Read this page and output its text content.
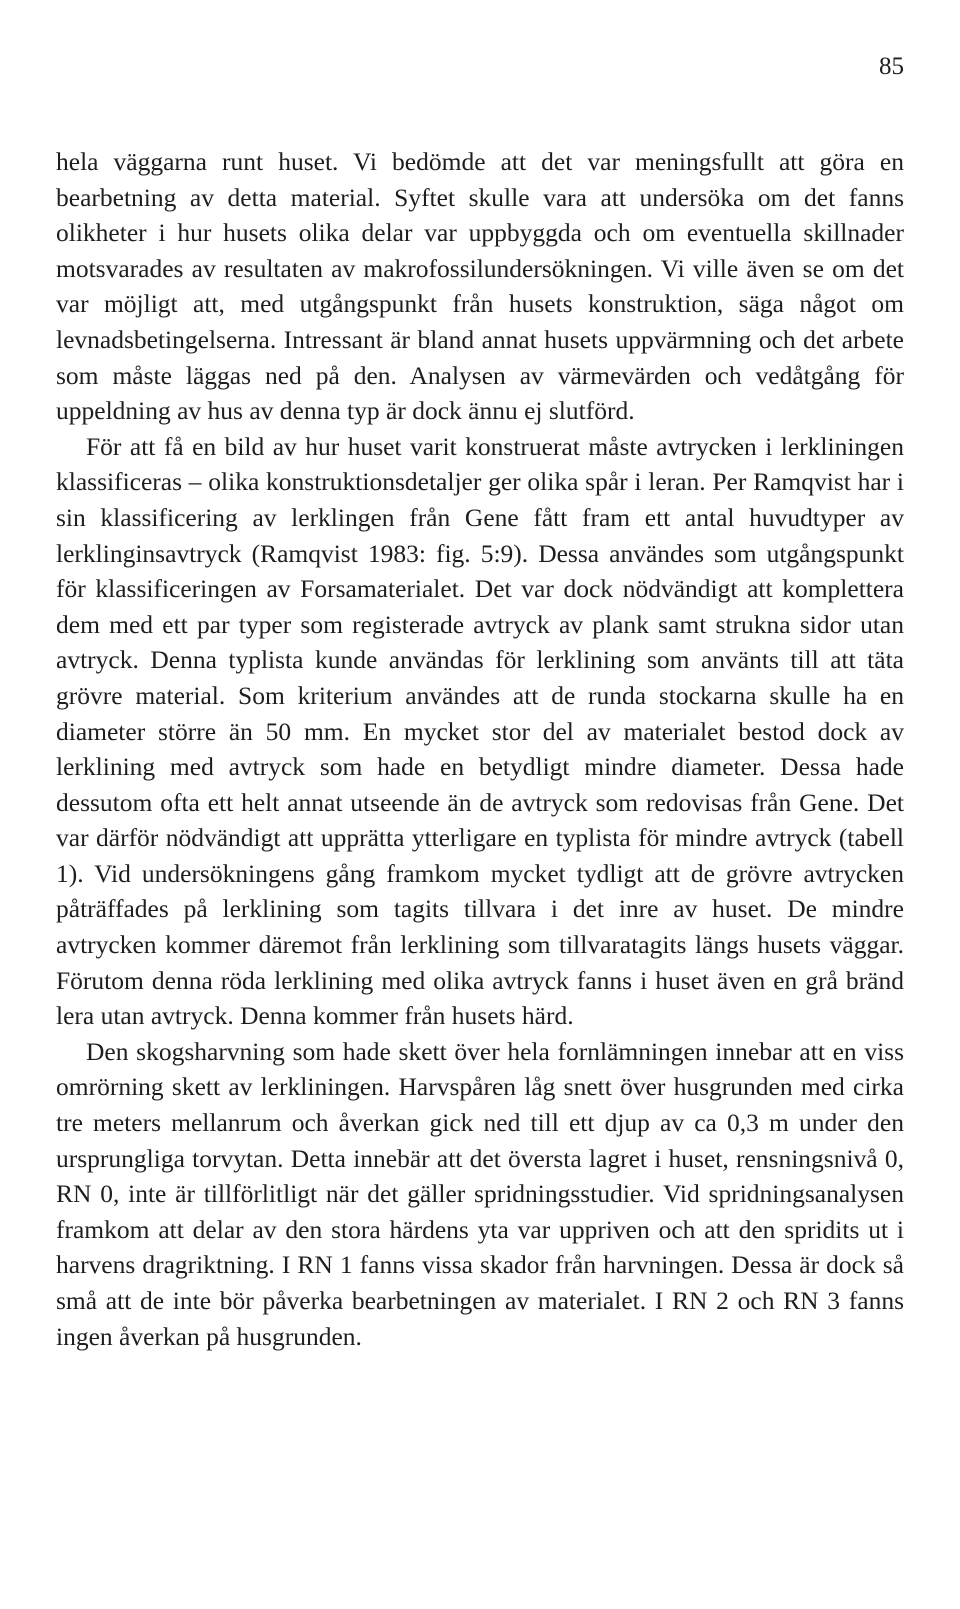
85

hela väggarna runt huset. Vi bedömde att det var meningsfullt att göra en bearbetning av detta material. Syftet skulle vara att undersöka om det fanns olikheter i hur husets olika delar var uppbyggda och om eventuella skillnader motsvarades av resultaten av makrofossilundersökningen. Vi ville även se om det var möjligt att, med utgångspunkt från husets konstruktion, säga något om levnadsbetingelserna. Intressant är bland annat husets uppvärmning och det arbete som måste läggas ned på den. Analysen av värmevärden och vedåtgång för uppeldning av hus av denna typ är dock ännu ej slutförd.

För att få en bild av hur huset varit konstruerat måste avtrycken i lerkliningen klassificeras – olika konstruktionsdetaljer ger olika spår i leran. Per Ramqvist har i sin klassificering av lerklingen från Gene fått fram ett antal huvudtyper av lerklinginsavtryck (Ramqvist 1983: fig. 5:9). Dessa användes som utgångspunkt för klassificeringen av Forsamaterialet. Det var dock nödvändigt att komplettera dem med ett par typer som registerade avtryck av plank samt strukna sidor utan avtryck. Denna typlista kunde användas för lerklining som använts till att täta grövre material. Som kriterium användes att de runda stockarna skulle ha en diameter större än 50 mm. En mycket stor del av materialet bestod dock av lerklining med avtryck som hade en betydligt mindre diameter. Dessa hade dessutom ofta ett helt annat utseende än de avtryck som redovisas från Gene. Det var därför nödvändigt att upprätta ytterligare en typlista för mindre avtryck (tabell 1). Vid undersökningens gång framkom mycket tydligt att de grövre avtrycken påträffades på lerklining som tagits tillvara i det inre av huset. De mindre avtrycken kommer däremot från lerklining som tillvaratagits längs husets väggar. Förutom denna röda lerklining med olika avtryck fanns i huset även en grå bränd lera utan avtryck. Denna kommer från husets härd.

Den skogsharvning som hade skett över hela fornlämningen innebar att en viss omrörning skett av lerkliningen. Harvspåren låg snett över husgrunden med cirka tre meters mellanrum och åverkan gick ned till ett djup av ca 0,3 m under den ursprungliga torvytan. Detta innebär att det översta lagret i huset, rensningsnivå 0, RN 0, inte är tillförlitligt när det gäller spridningsstudier. Vid spridningsanalysen framkom att delar av den stora härdens yta var uppriven och att den spridits ut i harvens dragriktning. I RN 1 fanns vissa skador från harvningen. Dessa är dock så små att de inte bör påverka bearbetningen av materialet. I RN 2 och RN 3 fanns ingen åverkan på husgrunden.
